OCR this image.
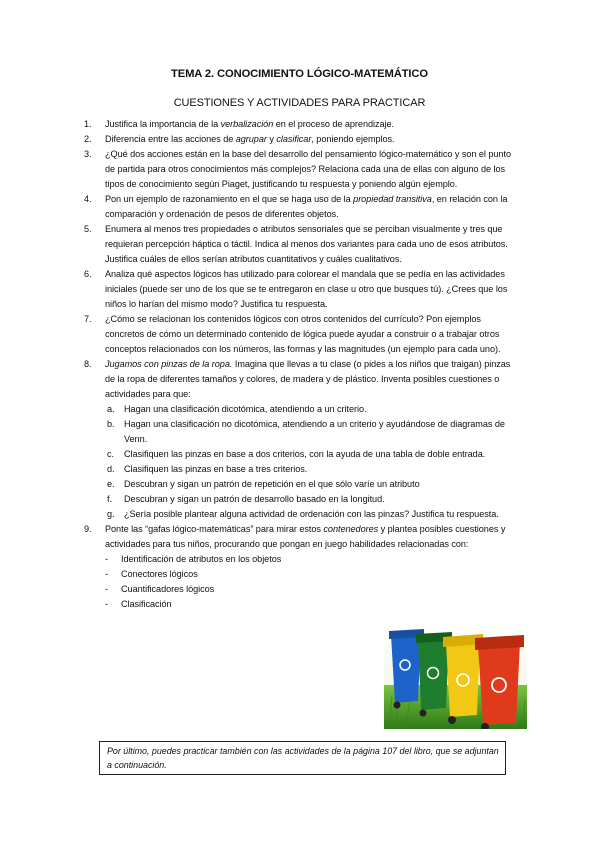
TEMA 2. CONOCIMIENTO LÓGICO-MATEMÁTICO
CUESTIONES Y ACTIVIDADES PARA PRACTICAR
1. Justifica la importancia de la verbalización en el proceso de aprendizaje.
2. Diferencia entre las acciones de agrupar y clasificar, poniendo ejemplos.
3. ¿Qué dos acciones están en la base del desarrollo del pensamiento lógico-matemático y son el punto de partida para otros conocimientos más complejos? Relaciona cada una de ellas con alguno de los tipos de conocimiento según Piaget, justificando tu respuesta y poniendo algún ejemplo.
4. Pon un ejemplo de razonamiento en el que se haga uso de la propiedad transitiva, en relación con la comparación y ordenación de pesos de diferentes objetos.
5. Enumera al menos tres propiedades o atributos sensoriales que se perciban visualmente y tres que requieran percepción háptica o táctil. Indica al menos dos variantes para cada uno de esos atributos. Justifica cuáles de ellos serían atributos cuantitativos y cuáles cualitativos.
6. Analiza qué aspectos lógicos has utilizado para colorear el mandala que se pedía en las actividades iniciales (puede ser uno de los que se te entregaron en clase u otro que busques tú). ¿Crees que los niños lo harían del mismo modo? Justifica tu respuesta.
7. ¿Cómo se relacionan los contenidos lógicos con otros contenidos del currículo? Pon ejemplos concretos de cómo un determinado contenido de lógica puede ayudar a construir o a trabajar otros conceptos relacionados con los números, las formas y las magnitudes (un ejemplo para cada uno).
8. Jugamos con pinzas de la ropa. Imagina que llevas a tu clase (o pides a los niños que traigan) pinzas de la ropa de diferentes tamaños y colores, de madera y de plástico. Inventa posibles cuestiones o actividades para que:
a. Hagan una clasificación dicotómica, atendiendo a un criterio.
b. Hagan una clasificación no dicotómica, atendiendo a un criterio y ayudándose de diagramas de Venn.
c. Clasifiquen las pinzas en base a dos criterios, con la ayuda de una tabla de doble entrada.
d. Clasifiquen las pinzas en base a tres criterios.
e. Descubran y sigan un patrón de repetición en el que sólo varíe un atributo
f. Descubran y sigan un patrón de desarrollo basado en la longitud.
g. ¿Sería posible plantear alguna actividad de ordenación con las pinzas? Justifica tu respuesta.
9. Ponte las “gafas lógico-matemáticas” para mirar estos contenedores y plantea posibles cuestiones y actividades para tus niños, procurando que pongan en juego habilidades relacionadas con:
- Identificación de atributos en los objetos
- Conectores lógicos
- Cuantificadores lógicos
- Clasificación
Por último, puedes practicar también con las actividades de la página 107 del libro, que se adjuntan a continuación.
